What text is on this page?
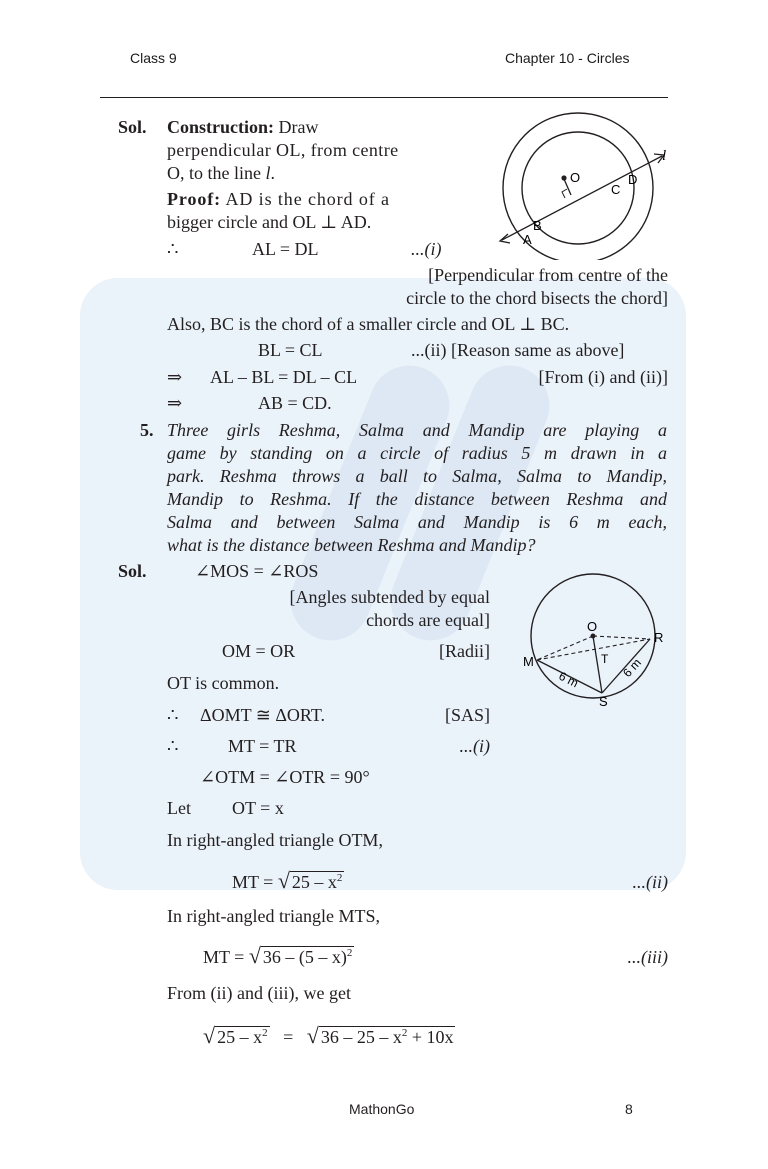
Class 9	Chapter 10 - Circles
Sol. Construction: Draw
perpendicular OL, from centre
O, to the line l.
Proof: AD is the chord of a
bigger circle and OL ⊥ AD.
∴	AL = DL	...(i)
[Perpendicular from centre of the
circle to the chord bisects the chord]
Also, BC is the chord of a smaller circle and OL ⊥ BC.
BL = CL	...(ii) [Reason same as above]
⇒ AL – BL = DL – CL	[From (i) and (ii)]
⇒	AB = CD.
O
l
D
C
B
A
5. Three girls Reshma, Salma and Mandip are playing a
game by standing on a circle of radius 5 m drawn in a
park. Reshma throws a ball to Salma, Salma to Mandip,
Mandip to Reshma. If the distance between Reshma and
Salma and between Salma and Mandip is 6 m each,
what is the distance between Reshma and Mandip?
Sol.	∠MOS = ∠ROS
[Angles subtended by equal
chords are equal]
OM = OR	[Radii]
OT is common.
∴ ΔOMT ≅ ΔORT.	[SAS]
∴	MT = TR	...(i)
∠OTM = ∠OTR = 90°
Let OT = x
In right-angled triangle OTM,
MT = √ $25 - x^2$	...(ii)
In right-angled triangle MTS,
MT = √ 36 – (5 – x)$^2$	...(iii)
From (ii) and (iii), we get
√ $25 - x^2$ = √ $36 - 25 - x^2 + 10x$
O
R
M	T
S
6 m	6 m
MathonGo	8
